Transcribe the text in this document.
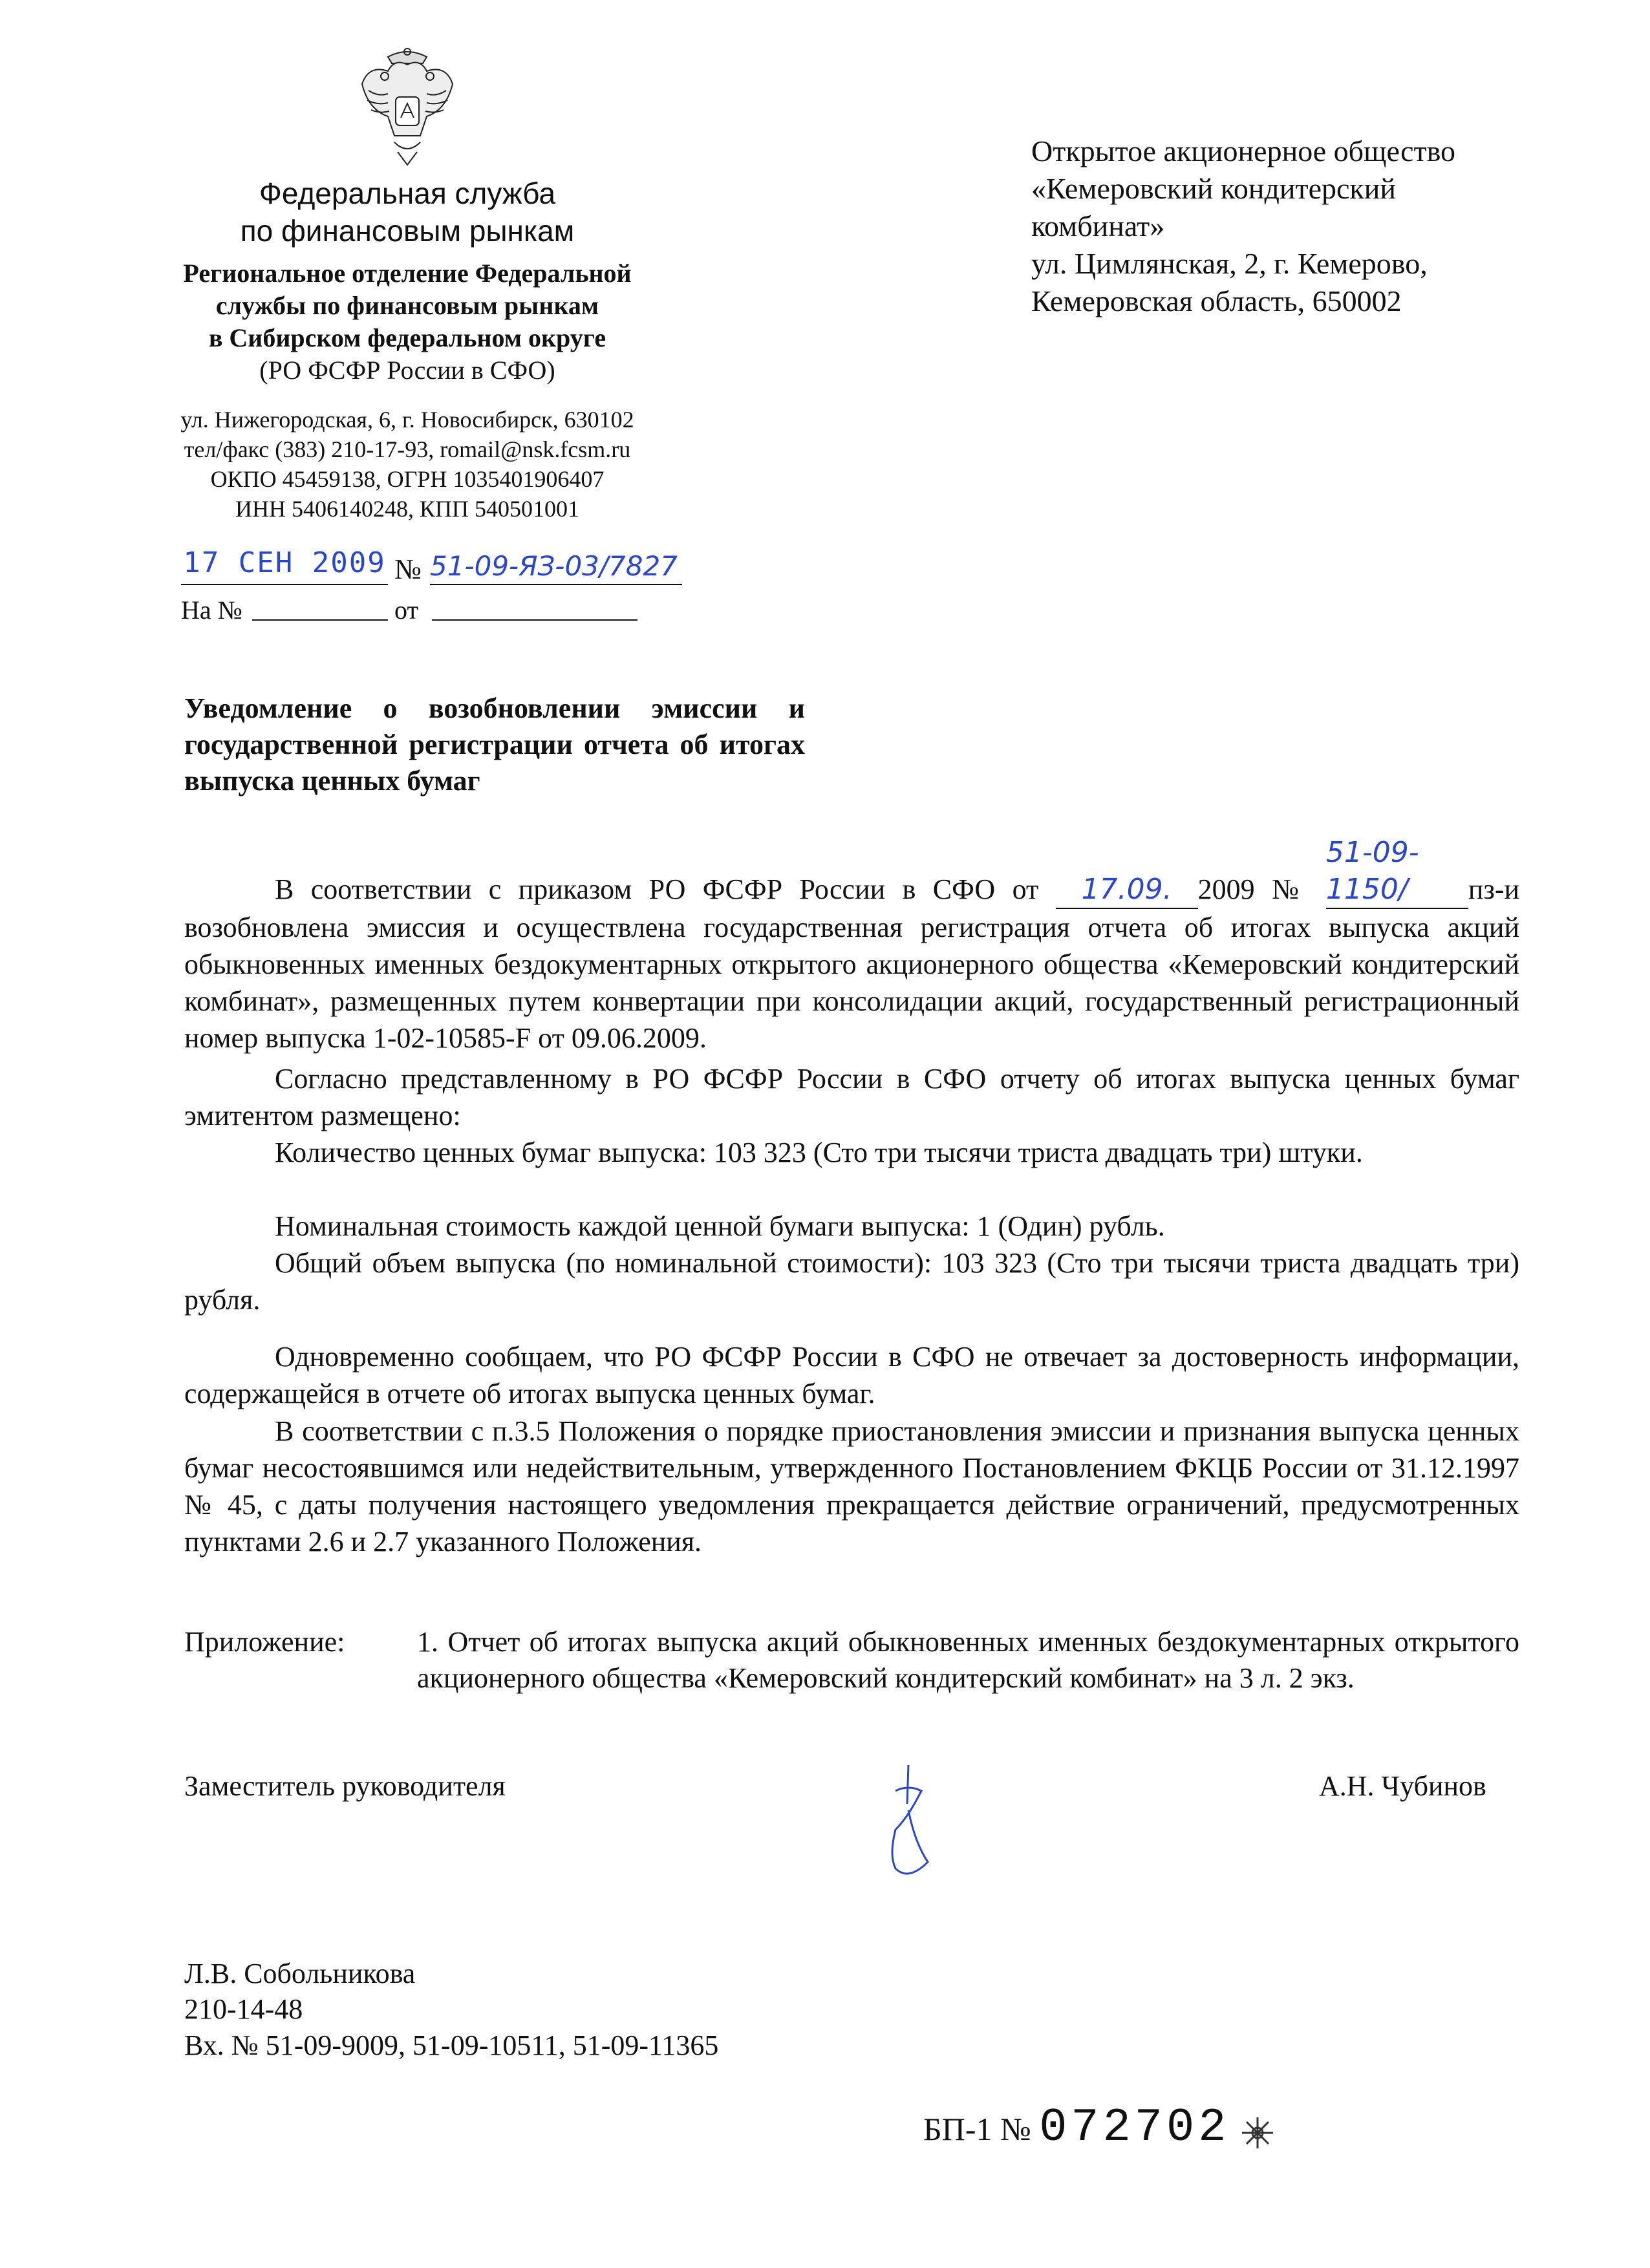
Федеральная служба
по финансовым рынкам
Региональное отделение Федеральной
службы по финансовым рынкам
в Сибирском федеральном округе
(РО ФСФР России в СФО)
ул. Нижегородская, 6, г. Новосибирск, 630102
тел/факс (383) 210-17-93, romail@nsk.fcsm.ru
ОКПО 45459138, ОГРН 1035401906407
ИНН 5406140248, КПП 540501001
17 СЕН 2009 № 51-09-ЯЗ-03/7827
На №	от
Открытое акционерное общество
«Кемеровский кондитерский
комбинат»
ул. Цимлянская, 2, г. Кемерово,
Кемеровская область, 650002
Уведомление о возобновлении эмиссии и государственной регистрации отчета об итогах выпуска ценных бумаг
В соответствии с приказом РО ФСФР России в СФО от 17.09. 2009 № 51-09-1150/ пз-и возобновлена эмиссия и осуществлена государственная регистрация отчета об итогах выпуска акций обыкновенных именных бездокументарных открытого акционерного общества «Кемеровский кондитерский комбинат», размещенных путем конвертации при консолидации акций, государственный регистрационный номер выпуска 1-02-10585-F от 09.06.2009.
Согласно представленному в РО ФСФР России в СФО отчету об итогах выпуска ценных бумаг эмитентом размещено:
Количество ценных бумаг выпуска: 103 323 (Сто три тысячи триста двадцать три) штуки.
Номинальная стоимость каждой ценной бумаги выпуска: 1 (Один) рубль.
Общий объем выпуска (по номинальной стоимости): 103 323 (Сто три тысячи триста двадцать три) рубля.
Одновременно сообщаем, что РО ФСФР России в СФО не отвечает за достоверность информации, содержащейся в отчете об итогах выпуска ценных бумаг.
В соответствии с п.3.5 Положения о порядке приостановления эмиссии и признания выпуска ценных бумаг несостоявшимся или недействительным, утвержденного Постановлением ФКЦБ России от 31.12.1997 № 45, с даты получения настоящего уведомления прекращается действие ограничений, предусмотренных пунктами 2.6 и 2.7 указанного Положения.
Приложение:	1. Отчет об итогах выпуска акций обыкновенных именных бездокументарных открытого акционерного общества «Кемеровский кондитерский комбинат» на 3 л. 2 экз.
Заместитель руководителя	А.Н. Чубинов
Л.В. Собольникова
210-14-48
Вх. № 51-09-9009, 51-09-10511, 51-09-11365
БП-1 № 072702
